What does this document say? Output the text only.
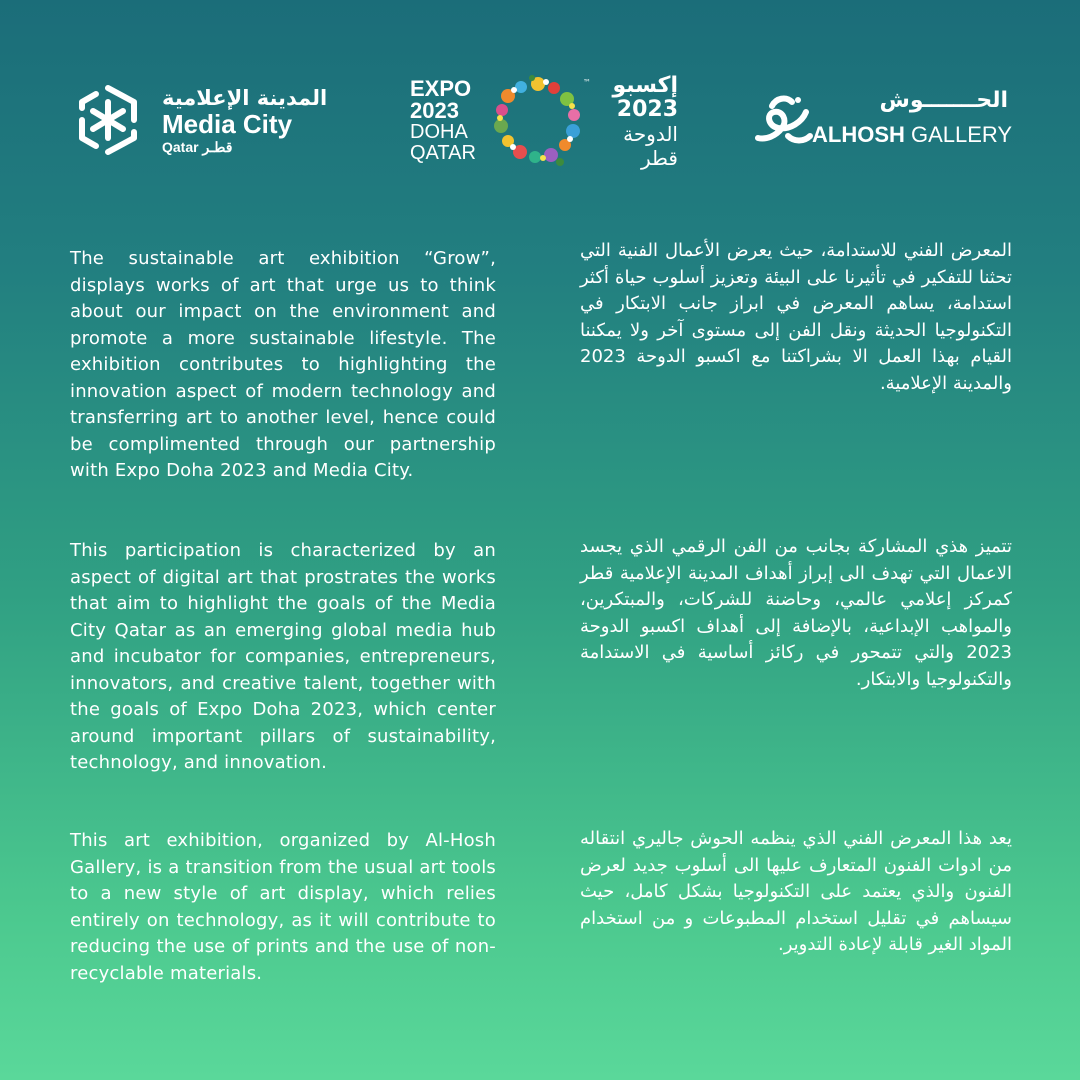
المدينة الإعلامية
Media City
Qatar قطـر
EXPO
2023
DOHA
QATAR
™ إكسبو
2023
الدوحة
قطر
الحـــــــوش
ALHOSH GALLERY

The sustainable art exhibition “Grow”, displays works of art that urge us to think about our impact on the environment and promote a more sustainable lifestyle. The exhibition contributes to highlighting the innovation aspect of modern technology and transferring art to another level, hence could be complimented through our partnership with Expo Doha 2023 and Media City.

This participation is characterized by an aspect of digital art that prostrates the works that aim to highlight the goals of the Media City Qatar as an emerging global media hub and incubator for companies, entrepreneurs, innovators, and creative talent, together with the goals of Expo Doha 2023, which center around important pillars of sustainability, technology, and innovation.

This art exhibition, organized by Al-Hosh Gallery, is a transition from the usual art tools to a new style of art display, which relies entirely on technology, as it will contribute to reducing the use of prints and the use of non-recyclable materials.

المعرض الفني للاستدامة، حيث يعرض الأعمال الفنية التي تحثنا للتفكير في تأثيرنا على البيئة وتعزيز أسلوب حياة أكثر استدامة، يساهم المعرض في ابراز جانب الابتكار في التكنولوجيا الحديثة ونقل الفن إلى مستوى آخر ولا يمكننا القيام بهذا العمل الا بشراكتنا مع اكسبو الدوحة 2023 والمدينة الإعلامية.

تتميز هذي المشاركة بجانب من الفن الرقمي الذي يجسد الاعمال التي تهدف الى إبراز أهداف المدينة الإعلامية قطر كمركز إعلامي عالمي، وحاضنة للشركات، والمبتكرين، والمواهب الإبداعية، بالإضافة إلى أهداف اكسبو الدوحة 2023 والتي تتمحور في ركائز أساسية في الاستدامة والتكنولوجيا والابتكار.

يعد هذا المعرض الفني الذي ينظمه الحوش جاليري انتقاله من ادوات الفنون المتعارف عليها الى أسلوب جديد لعرض الفنون والذي يعتمد على التكنولوجيا بشكل كامل، حيث سيساهم في تقليل استخدام المطبوعات و من استخدام المواد الغير قابلة لإعادة التدوير.
